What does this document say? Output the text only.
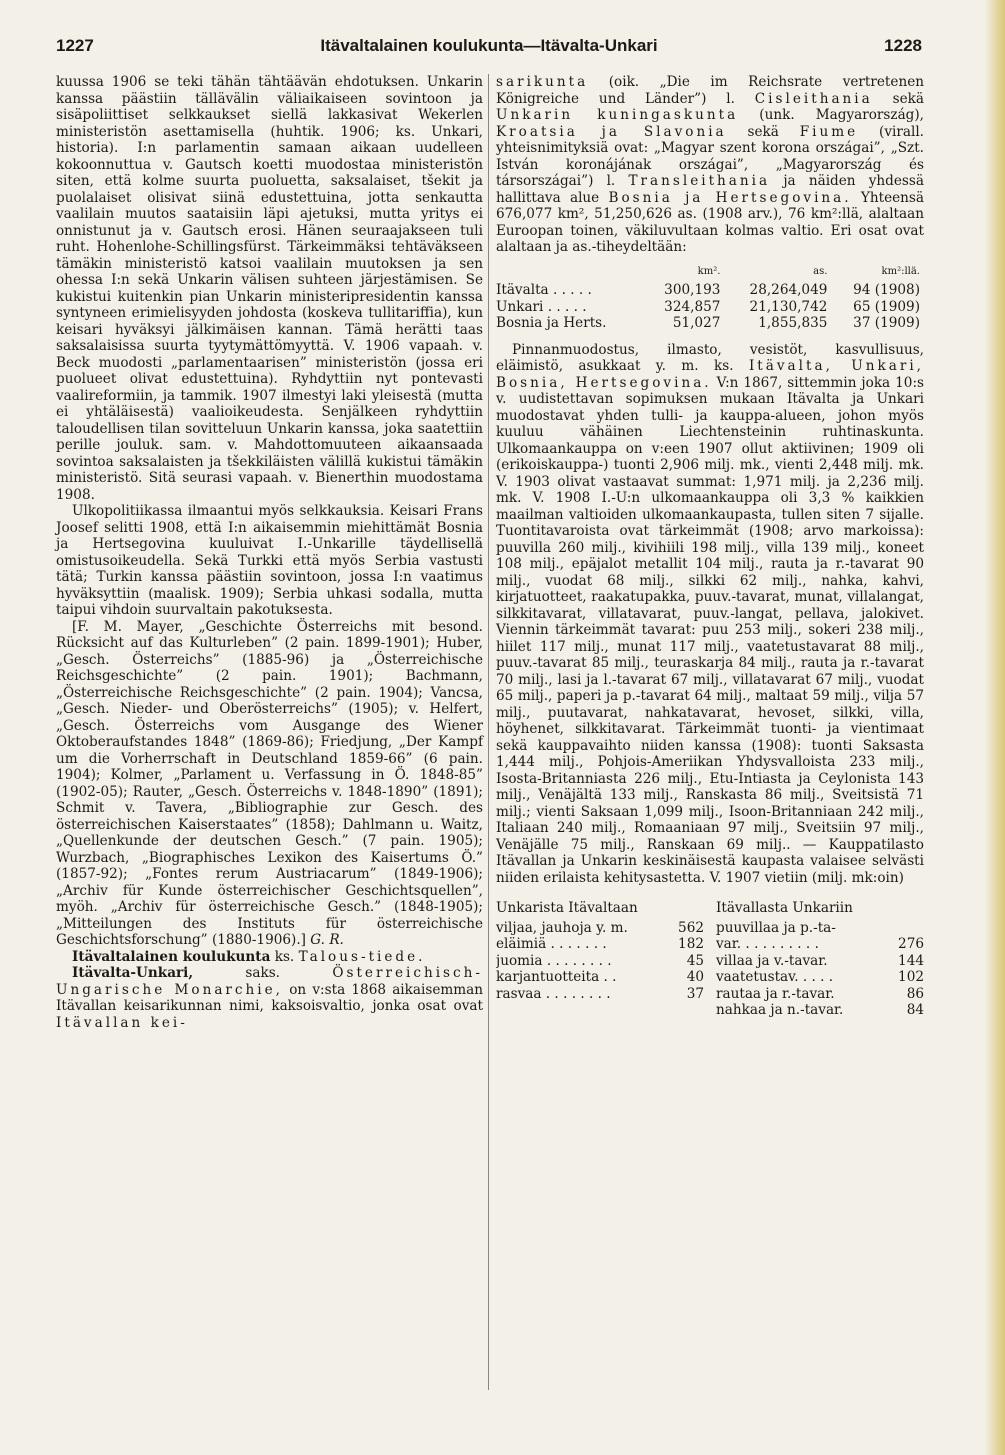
1227	Itävaltalainen koulukunta—Itävalta-Unkari	1228

kuussa 1906 se teki tähän tähtäävän ehdotuksen. Unkarin kanssa päästiin tällävälin väliaikaiseen sovintoon ja sisäpoliittiset selkkaukset siellä lakkasivat Wekerlen ministeristön asettamisella (huhtik. 1906; ks. Unkari, historia). I:n parlamentin samaan aikaan uudelleen kokoonnuttua v. Gautsch koetti muodostaa ministeristön siten, että kolme suurta puoluetta, saksalaiset, tšekit ja puolalaiset olisivat siinä edustettuina, jotta senkautta vaalilain muutos saataisiin läpi ajetuksi, mutta yritys ei onnistunut ja v. Gautsch erosi. Hänen seuraajakseen tuli ruht. Hohenlohe-Schillingsfürst. Tärkeimmäksi tehtäväkseen tämäkin ministeristö katsoi vaalilain muutoksen ja sen ohessa I:n sekä Unkarin välisen suhteen järjestämisen. Se kukistui kuitenkin pian Unkarin ministeripresidentin kanssa syntyneen erimielisyyden johdosta (koskeva tullitariffia), kun keisari hyväksyi jälkimäisen kannan. Tämä herätti taas saksalaisissa suurta tyytymättömyyttä. V. 1906 vapaah. v. Beck muodosti „parlamentaarisen” ministeristön (jossa eri puolueet olivat edustettuina). Ryhdyttiin nyt pontevasti vaalireformiin, ja tammik. 1907 ilmestyi laki yleisestä (mutta ei yhtäläisestä) vaalioikeudesta. Senjälkeen ryhdyttiin taloudellisen tilan sovitteluun Unkarin kanssa, joka saatettiin perille jouluk. sam. v. Mahdottomuuteen aikaansaada sovintoa saksalaisten ja tšekkiläisten välillä kukistui tämäkin ministeristö. Sitä seurasi vapaah. v. Bienerthin muodostama 1908.

Ulkopolitiikassa ilmaantui myös selkkauksia. Keisari Frans Joosef selitti 1908, että I:n aikaisemmin miehittämät Bosnia ja Hertsegovina kuuluivat I.-Unkarille täydellisellä omistusoikeudella. Sekä Turkki että myös Serbia vastusti tätä; Turkin kanssa päästiin sovintoon, jossa I:n vaatimus hyväksyttiin (maalisk. 1909); Serbia uhkasi sodalla, mutta taipui vihdoin suurvaltain pakotuksesta.

[F. M. Mayer, „Geschichte Österreichs mit besond. Rücksicht auf das Kulturleben” (2 pain. 1899-1901); Huber, „Gesch. Österreichs” (1885-96) ja „Österreichische Reichsgeschichte” (2 pain. 1901); Bachmann, „Österreichische Reichsgeschichte” (2 pain. 1904); Vancsa, „Gesch. Nieder- und Oberösterreichs” (1905); v. Helfert, „Gesch. Österreichs vom Ausgange des Wiener Oktoberaufstandes 1848” (1869-86); Friedjung, „Der Kampf um die Vorherrschaft in Deutschland 1859-66” (6 pain. 1904); Kolmer, „Parlament u. Verfassung in Ö. 1848-85” (1902-05); Rauter, „Gesch. Österreichs v. 1848-1890” (1891); Schmit v. Tavera, „Bibliographie zur Gesch. des österreichischen Kaiserstaates” (1858); Dahlmann u. Waitz, „Quellenkunde der deutschen Gesch.” (7 pain. 1905); Wurzbach, „Biographisches Lexikon des Kaisertums Ö.” (1857-92); „Fontes rerum Austriacarum” (1849-1906); „Archiv für Kunde österreichischer Geschichtsquellen”, myöh. „Archiv für österreichische Gesch.” (1848-1905); „Mitteilungen des Instituts für österreichische Geschichtsforschung” (1880-1906).] G. R.

Itävaltalainen koulukunta ks. Talous-tiede.

Itävalta-Unkari,	saks.	Österreichisch-Ungarische Monarchie, on v:sta 1868 aikaisemman Itävallan keisarikunnan nimi, kaksoisvaltio, jonka osat ovat Itävallan kei-

sarikunta (oik. „Die im Reichsrate vertretenen Königreiche und Länder”) l. Cisleithania sekä Unkarin kuningaskunta (unk. Magyarország), Kroatsia ja Slavonia sekä Fiume (virall. yhteisnimityksiä ovat: „Magyar szent korona országai”, „Szt. István koronájának országai”, „Magyarország és társországai”) l. Transleithania ja näiden yhdessä hallittava alue Bosnia ja Hertsegovina. Yhteensä 676,077 km², 51,250,626 as. (1908 arv.), 76 km²:llä, alaltaan Euroopan toinen, väkiluvultaan kolmas valtio. Eri osat ovat alaltaan ja as.-tiheydeltään:

	km².	as.	km²:llä.
Itävalta . . . . .	300,193	28,264,049	94 (1908)
Unkari . . . . .	324,857	21,130,742	65 (1909)
Bosnia ja Herts.	51,027	1,855,835	37 (1909)

Pinnanmuodostus, ilmasto, vesistöt, kasvullisuus, eläimistö, asukkaat y. m. ks. Itävalta, Unkari, Bosnia, Hertsegovina. V:n 1867, sittemmin joka 10:s v. uudistettavan sopimuksen mukaan Itävalta ja Unkari muodostavat yhden tulli- ja kauppa-alueen, johon myös kuuluu vähäinen Liechtensteinin ruhtinaskunta. Ulkomaankauppa on v:een 1907 ollut aktiivinen; 1909 oli (erikoiskauppa-) tuonti 2,906 milj. mk., vienti 2,448 milj. mk. V. 1903 olivat vastaavat summat: 1,971 milj. ja 2,236 milj. mk. V. 1908 I.-U:n ulkomaankauppa oli 3,3 % kaikkien maailman valtioiden ulkomaankaupasta, tullen siten 7 sijalle. Tuontitavaroista ovat tärkeimmät (1908; arvo markoissa): puuvilla 260 milj., kivihiili 198 milj., villa 139 milj., koneet 108 milj., epäjalot metallit 104 milj., rauta ja r.-tavarat 90 milj., vuodat 68 milj., silkki 62 milj., nahka, kahvi, kirjatuotteet, raakatupakka, puuv.-tavarat, munat, villalangat, silkkitavarat, villatavarat, puuv.-langat, pellava, jalokivet. Viennin tärkeimmät tavarat: puu 253 milj., sokeri 238 milj., hiilet 117 milj., munat 117 milj., vaatetustavarat 88 milj., puuv.-tavarat 85 milj., teuraskarja 84 milj., rauta ja r.-tavarat 70 milj., lasi ja l.-tavarat 67 milj., villatavarat 67 milj., vuodat 65 milj., paperi ja p.-tavarat 64 milj., maltaat 59 milj., vilja 57 milj., puutavarat, nahkatavarat, hevoset, silkki, villa, höyhenet, silkkitavarat. Tärkeimmät tuonti- ja vientimaat sekä kauppavaihto niiden kanssa (1908): tuonti Saksasta 1,444 milj., Pohjois-Ameriikan Yhdysvalloista 233 milj., Isosta-Britanniasta 226 milj., Etu-Intiasta ja Ceylonista 143 milj., Venäjältä 133 milj., Ranskasta 86 milj., Sveitsistä 71 milj.; vienti Saksaan 1,099 milj., Isoon-Britanniaan 242 milj., Italiaan 240 milj., Romaaniaan 97 milj., Sveitsiin 97 milj., Venäjälle 75 milj., Ranskaan 69 milj.. — Kauppatilasto Itävallan ja Unkarin keskinäisestä kaupasta valaisee selvästi niiden erilaista kehitysastetta. V. 1907 vietiin (milj. mk:oin)

Unkarista Itävaltaan
viljaa, jauhoja y. m.	562
eläimiä . . . . . . .	182
juomia . . . . . . . .	45
karjantuotteita . .	40
rasvaa . . . . . . . .	37
Itävallasta Unkariin
puuvillaa ja p.-ta-
var. . . . . . . . . .	276
villaa ja v.-tavar.	144
vaatetustav. . . . .	102
rautaa ja r.-tavar.	86
nahkaa ja n.-tavar.	84
